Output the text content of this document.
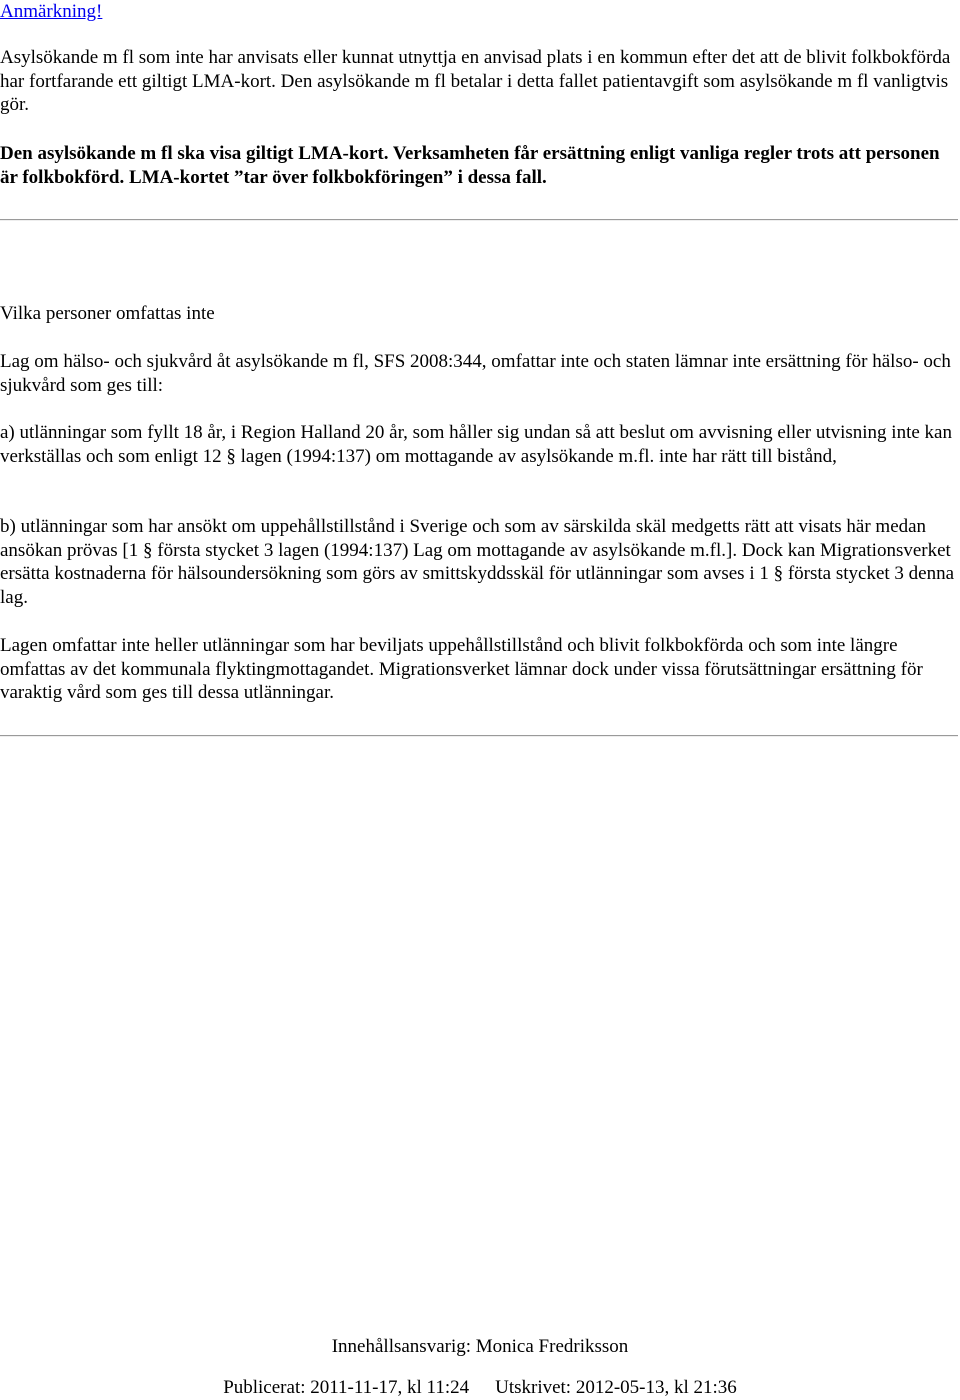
Anmärkning!

Asylsökande m fl som inte har anvisats eller kunnat utnyttja en anvisad plats i en kommun efter det att de blivit folkbokförda har fortfarande ett giltigt LMA-kort. Den asylsökande m fl betalar i detta fallet patientavgift som asylsökande m fl vanligtvis gör.

Den asylsökande m fl ska visa giltigt LMA-kort. Verksamheten får ersättning enligt vanliga regler trots att personen är folkbokförd. LMA-kortet ”tar över folkbokföringen” i dessa fall.

Vilka personer omfattas inte

Lag om hälso- och sjukvård åt asylsökande m fl, SFS 2008:344, omfattar inte och staten lämnar inte ersättning för hälso- och sjukvård som ges till:

a) utlänningar som fyllt 18 år, i Region Halland 20 år, som håller sig undan så att beslut om avvisning eller utvisning inte kan verkställas och som enligt 12 § lagen (1994:137) om mottagande av asylsökande m.fl. inte har rätt till bistånd,

b) utlänningar som har ansökt om uppehållstillstånd i Sverige och som av särskilda skäl medgetts rätt att visats här medan ansökan prövas [1 § första stycket 3 lagen (1994:137) Lag om mottagande av asylsökande m.fl.]. Dock kan Migrationsverket ersätta kostnaderna för hälsoundersökning som görs av smittskyddsskäl för utlänningar som avses i 1 § första stycket 3 denna lag.

Lagen omfattar inte heller utlänningar som har beviljats uppehållstillstånd och blivit folkbokförda och som inte längre omfattas av det kommunala flyktingmottagandet. Migrationsverket lämnar dock under vissa förutsättningar ersättning för varaktig vård som ges till dessa utlänningar.

Innehållsansvarig: Monica Fredriksson
Publicerat: 2011-11-17, kl 11:24 Utskrivet: 2012-05-13, kl 21:36
